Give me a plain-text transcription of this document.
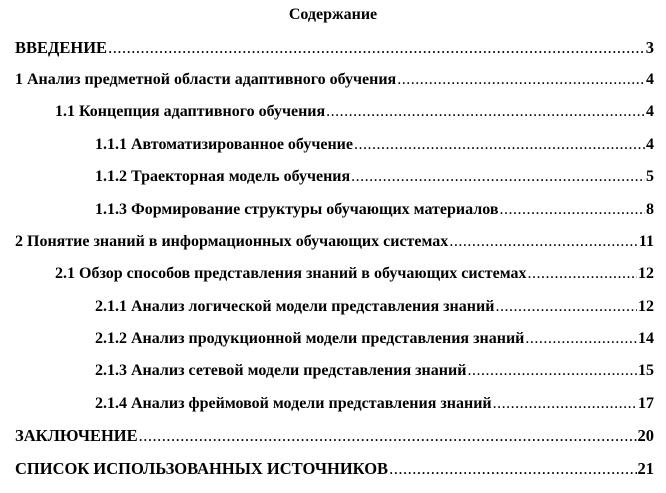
Содержание
ВВЕДЕНИЕ .....	3
1 Анализ предметной области адаптивного обучения .....	4
1.1 Концепция адаптивного обучения .....	4
1.1.1 Автоматизированное обучение .....	4
1.1.2 Траекторная модель обучения .....	5
1.1.3 Формирование структуры обучающих материалов .....	8
2 Понятие знаний в информационных обучающих системах .....	11
2.1 Обзор способов представления знаний в обучающих системах .....	12
2.1.1 Анализ логической модели представления знаний .....	12
2.1.2 Анализ продукционной модели представления знаний .....	14
2.1.3 Анализ сетевой модели представления знаний .....	15
2.1.4 Анализ фреймовой модели представления знаний .....	17
ЗАКЛЮЧЕНИЕ .....	20
СПИСОК ИСПОЛЬЗОВАННЫХ ИСТОЧНИКОВ .....	21
